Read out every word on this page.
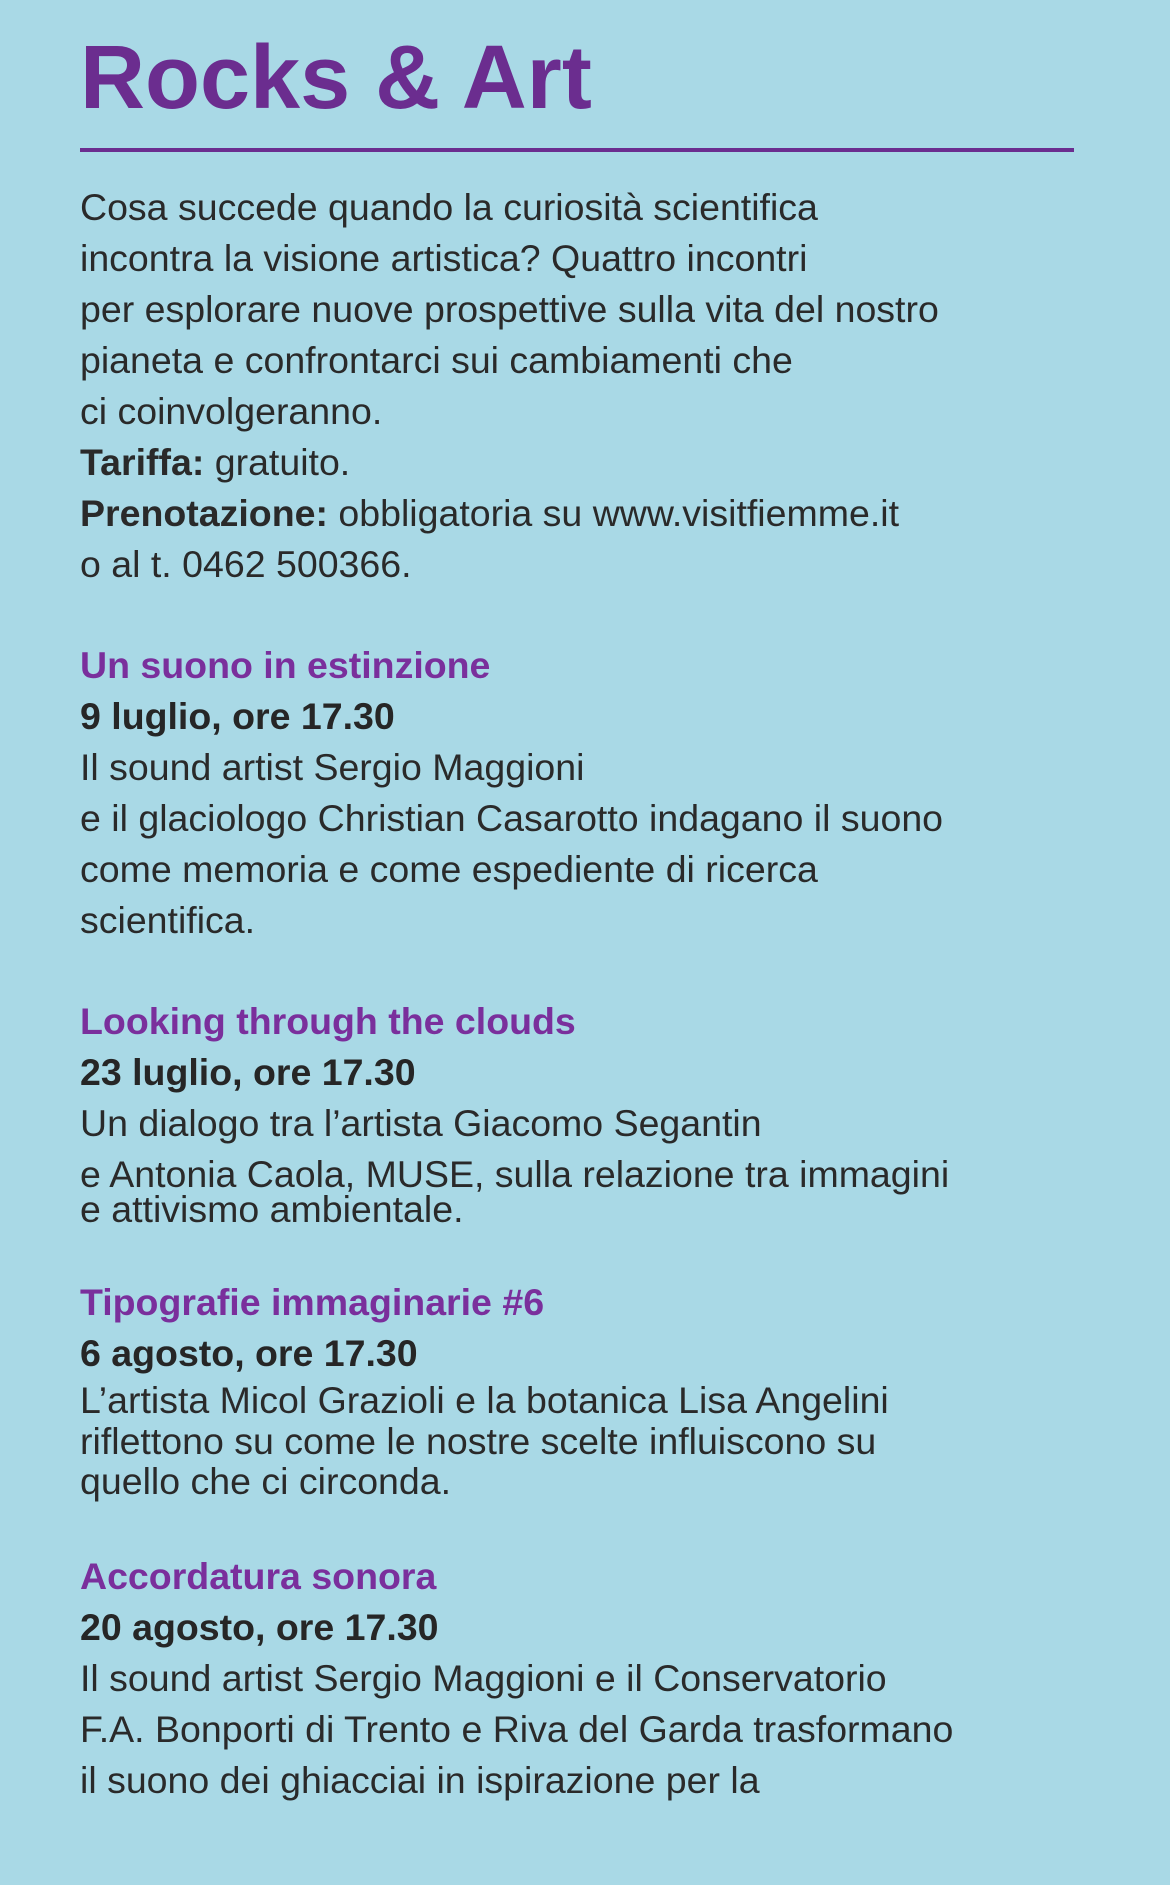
Rocks & Art

Cosa succede quando la curiosità scientifica

incontra la visione artistica? Quattro incontri

per esplorare nuove prospettive sulla vita del nostro

pianeta e confrontarci sui cambiamenti che

ci coinvolgeranno.

Tariffa: gratuito.

Prenotazione: obbligatoria su www.visitfiemme.it

o al t. 0462 500366.

Un suono in estinzione

9 luglio, ore 17.30

Il sound artist Sergio Maggioni

e il glaciologo Christian Casarotto indagano il suono

come memoria e come espediente di ricerca

scientifica.

Looking through the clouds

23 luglio, ore 17.30

Un dialogo tra l’artista Giacomo Segantin

e Antonia Caola, MUSE, sulla relazione tra immagini

e attivismo ambientale.

Tipografie immaginarie #6

6 agosto, ore 17.30

L’artista Micol Grazioli e la botanica Lisa Angelini

riflettono su come le nostre scelte influiscono su

quello che ci circonda.

Accordatura sonora

20 agosto, ore 17.30

Il sound artist Sergio Maggioni e il Conservatorio

F.A. Bonporti di Trento e Riva del Garda trasformano

il suono dei ghiacciai in ispirazione per la
